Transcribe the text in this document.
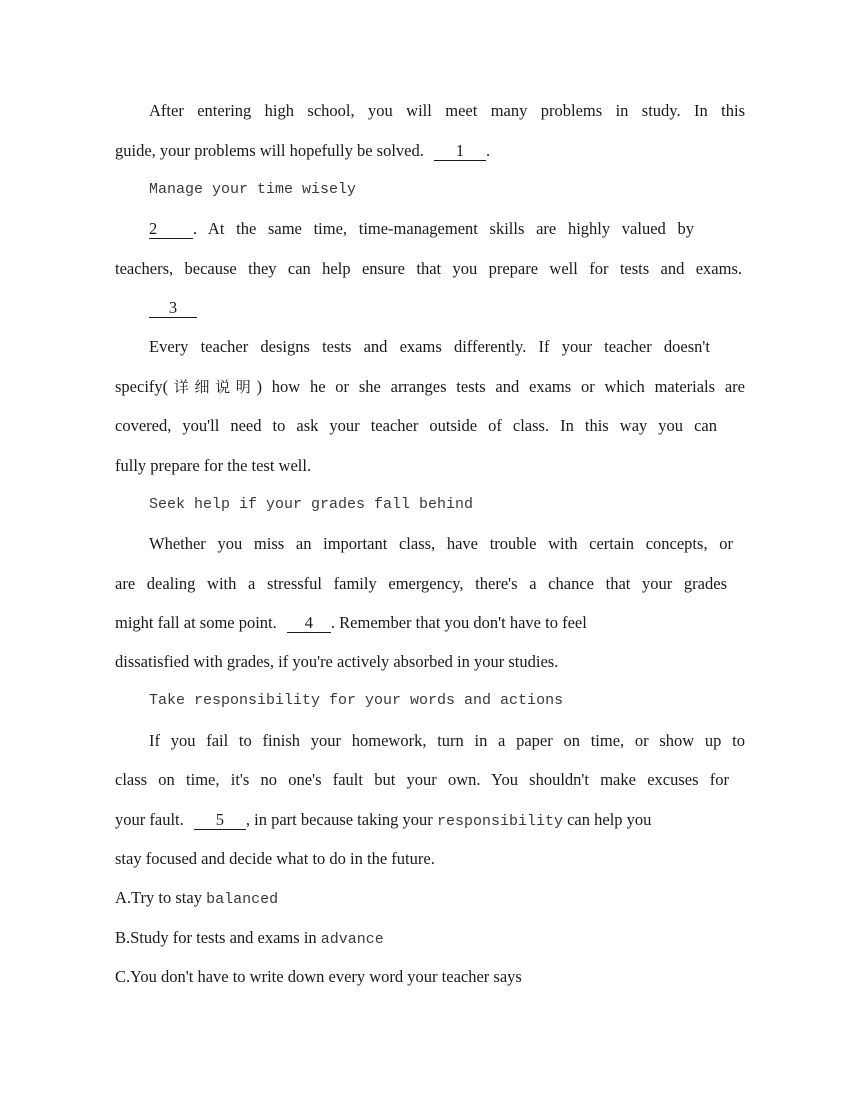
After entering high school, you will meet many problems in study. In this
guide, your problems will hopefully be solved. 1 .
Manage your time wisely
2 . At the same time, time-management skills are highly valued by
teachers, because they can help ensure that you prepare well for tests and exams.
3
Every teacher designs tests and exams differently. If your teacher doesn't
specify(详细说明) how he or she arranges tests and exams or which materials are
covered, you'll need to ask your teacher outside of class. In this way you can
fully prepare for the test well.
Seek help if your grades fall behind
Whether you miss an important class, have trouble with certain concepts, or
are dealing with a stressful family emergency, there's a chance that your grades
might fall at some point. 4 . Remember that you don't have to feel
dissatisfied with grades, if you're actively absorbed in your studies.
Take responsibility for your words and actions
If you fail to finish your homework, turn in a paper on time, or show up to
class on time, it's no one's fault but your own. You shouldn't make excuses for
your fault. 5 , in part because taking your responsibility can help you
stay focused and decide what to do in the future.
A.Try to stay balanced
B.Study for tests and exams in advance
C.You don't have to write down every word your teacher says
